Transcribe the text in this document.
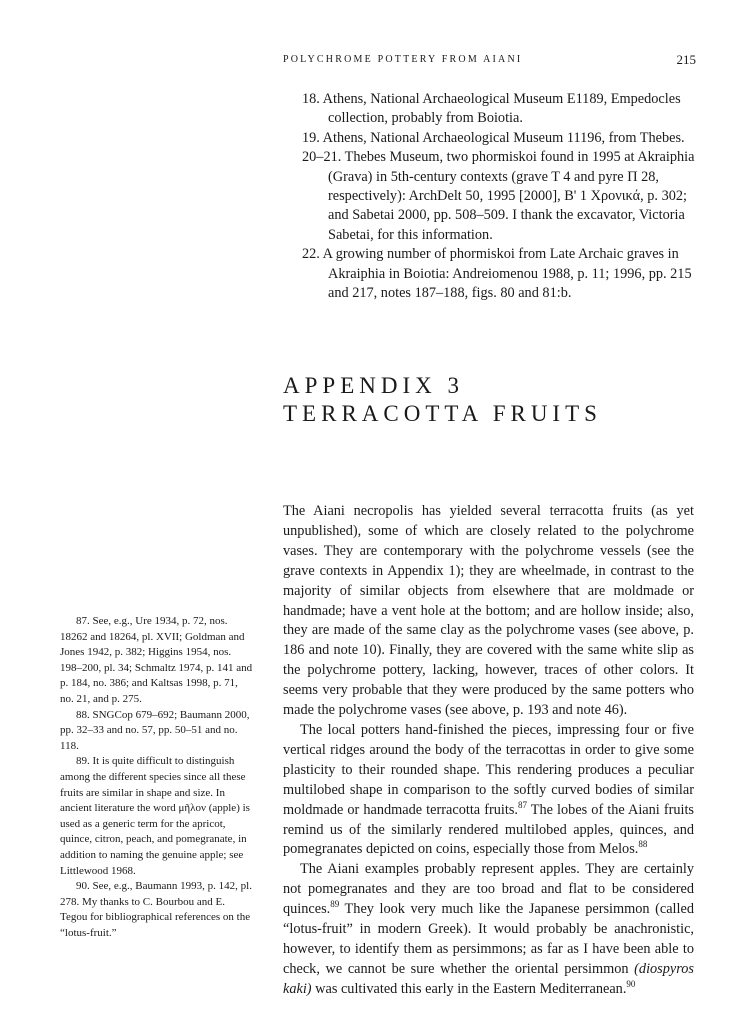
POLYCHROME POTTERY FROM AIANI	215

18. Athens, National Archaeological Museum E1189, Empedocles collection, probably from Boiotia.

19. Athens, National Archaeological Museum 11196, from Thebes.

20–21. Thebes Museum, two phormiskoi found in 1995 at Akraiphia (Grava) in 5th-century contexts (grave T 4 and pyre Π 28, respectively): ArchDelt 50, 1995 [2000], Β' 1 Χρονικά, p. 302; and Sabetai 2000, pp. 508–509. I thank the excavator, Victoria Sabetai, for this information.

22. A growing number of phormiskoi from Late Archaic graves in Akraiphia in Boiotia: Andreiomenou 1988, p. 11; 1996, pp. 215 and 217, notes 187–188, figs. 80 and 81:b.

APPENDIX 3
TERRACOTTA FRUITS

87. See, e.g., Ure 1934, p. 72, nos. 18262 and 18264, pl. XVII; Goldman and Jones 1942, p. 382; Higgins 1954, nos. 198–200, pl. 34; Schmaltz 1974, p. 141 and p. 184, no. 386; and Kaltsas 1998, p. 71, no. 21, and p. 275.

88. SNGCop 679–692; Baumann 2000, pp. 32–33 and no. 57, pp. 50–51 and no. 118.

89. It is quite difficult to distinguish among the different species since all these fruits are similar in shape and size. In ancient literature the word μῆλον (apple) is used as a generic term for the apricot, quince, citron, peach, and pomegranate, in addition to naming the genuine apple; see Littlewood 1968.

90. See, e.g., Baumann 1993, p. 142, pl. 278. My thanks to C. Bourbou and E. Tegou for bibliographical references on the “lotus-fruit.”

The Aiani necropolis has yielded several terracotta fruits (as yet unpublished), some of which are closely related to the polychrome vases. They are contemporary with the polychrome vessels (see the grave contexts in Appendix 1); they are wheelmade, in contrast to the majority of similar objects from elsewhere that are moldmade or handmade; have a vent hole at the bottom; and are hollow inside; also, they are made of the same clay as the polychrome vases (see above, p. 186 and note 10). Finally, they are covered with the same white slip as the polychrome pottery, lacking, however, traces of other colors. It seems very probable that they were produced by the same potters who made the polychrome vases (see above, p. 193 and note 46).

The local potters hand-finished the pieces, impressing four or five vertical ridges around the body of the terracottas in order to give some plasticity to their rounded shape. This rendering produces a peculiar multilobed shape in comparison to the softly curved bodies of similar moldmade or handmade terracotta fruits.$^{87}$ The lobes of the Aiani fruits remind us of the similarly rendered multilobed apples, quinces, and pomegranates depicted on coins, especially those from Melos.$^{88}$

The Aiani examples probably represent apples. They are certainly not pomegranates and they are too broad and flat to be considered quinces.$^{89}$ They look very much like the Japanese persimmon (called “lotus-fruit” in modern Greek). It would probably be anachronistic, however, to identify them as persimmons; as far as I have been able to check, we cannot be sure whether the oriental persimmon (diospyros kaki) was cultivated this early in the Eastern Mediterranean.$^{90}$
